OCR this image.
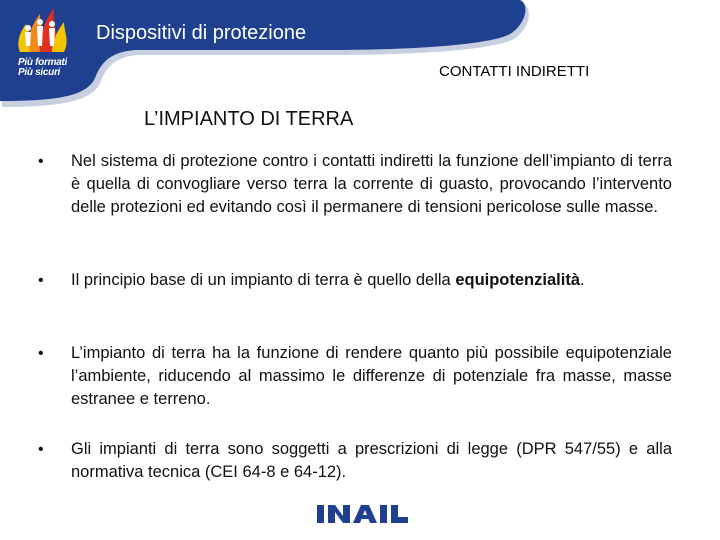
Più formati
Più sicuri
Dispositivi di protezione
CONTATTI INDIRETTI
L’IMPIANTO DI TERRA
• Nel sistema di protezione contro i contatti indiretti la funzione dell’impianto di terra è quella di convogliare verso terra la corrente di guasto, provocando l’intervento delle protezioni ed evitando così il permanere di tensioni pericolose sulle masse.
• Il principio base di un impianto di terra è quello della equipotenzialità.
• L’impianto di terra ha la funzione di rendere quanto più possibile equipotenziale l’ambiente, riducendo al massimo le differenze di potenziale fra masse, masse estranee e terreno.
• Gli impianti di terra sono soggetti a prescrizioni di legge (DPR 547/55) e alla normativa tecnica (CEI 64-8 e 64-12).
